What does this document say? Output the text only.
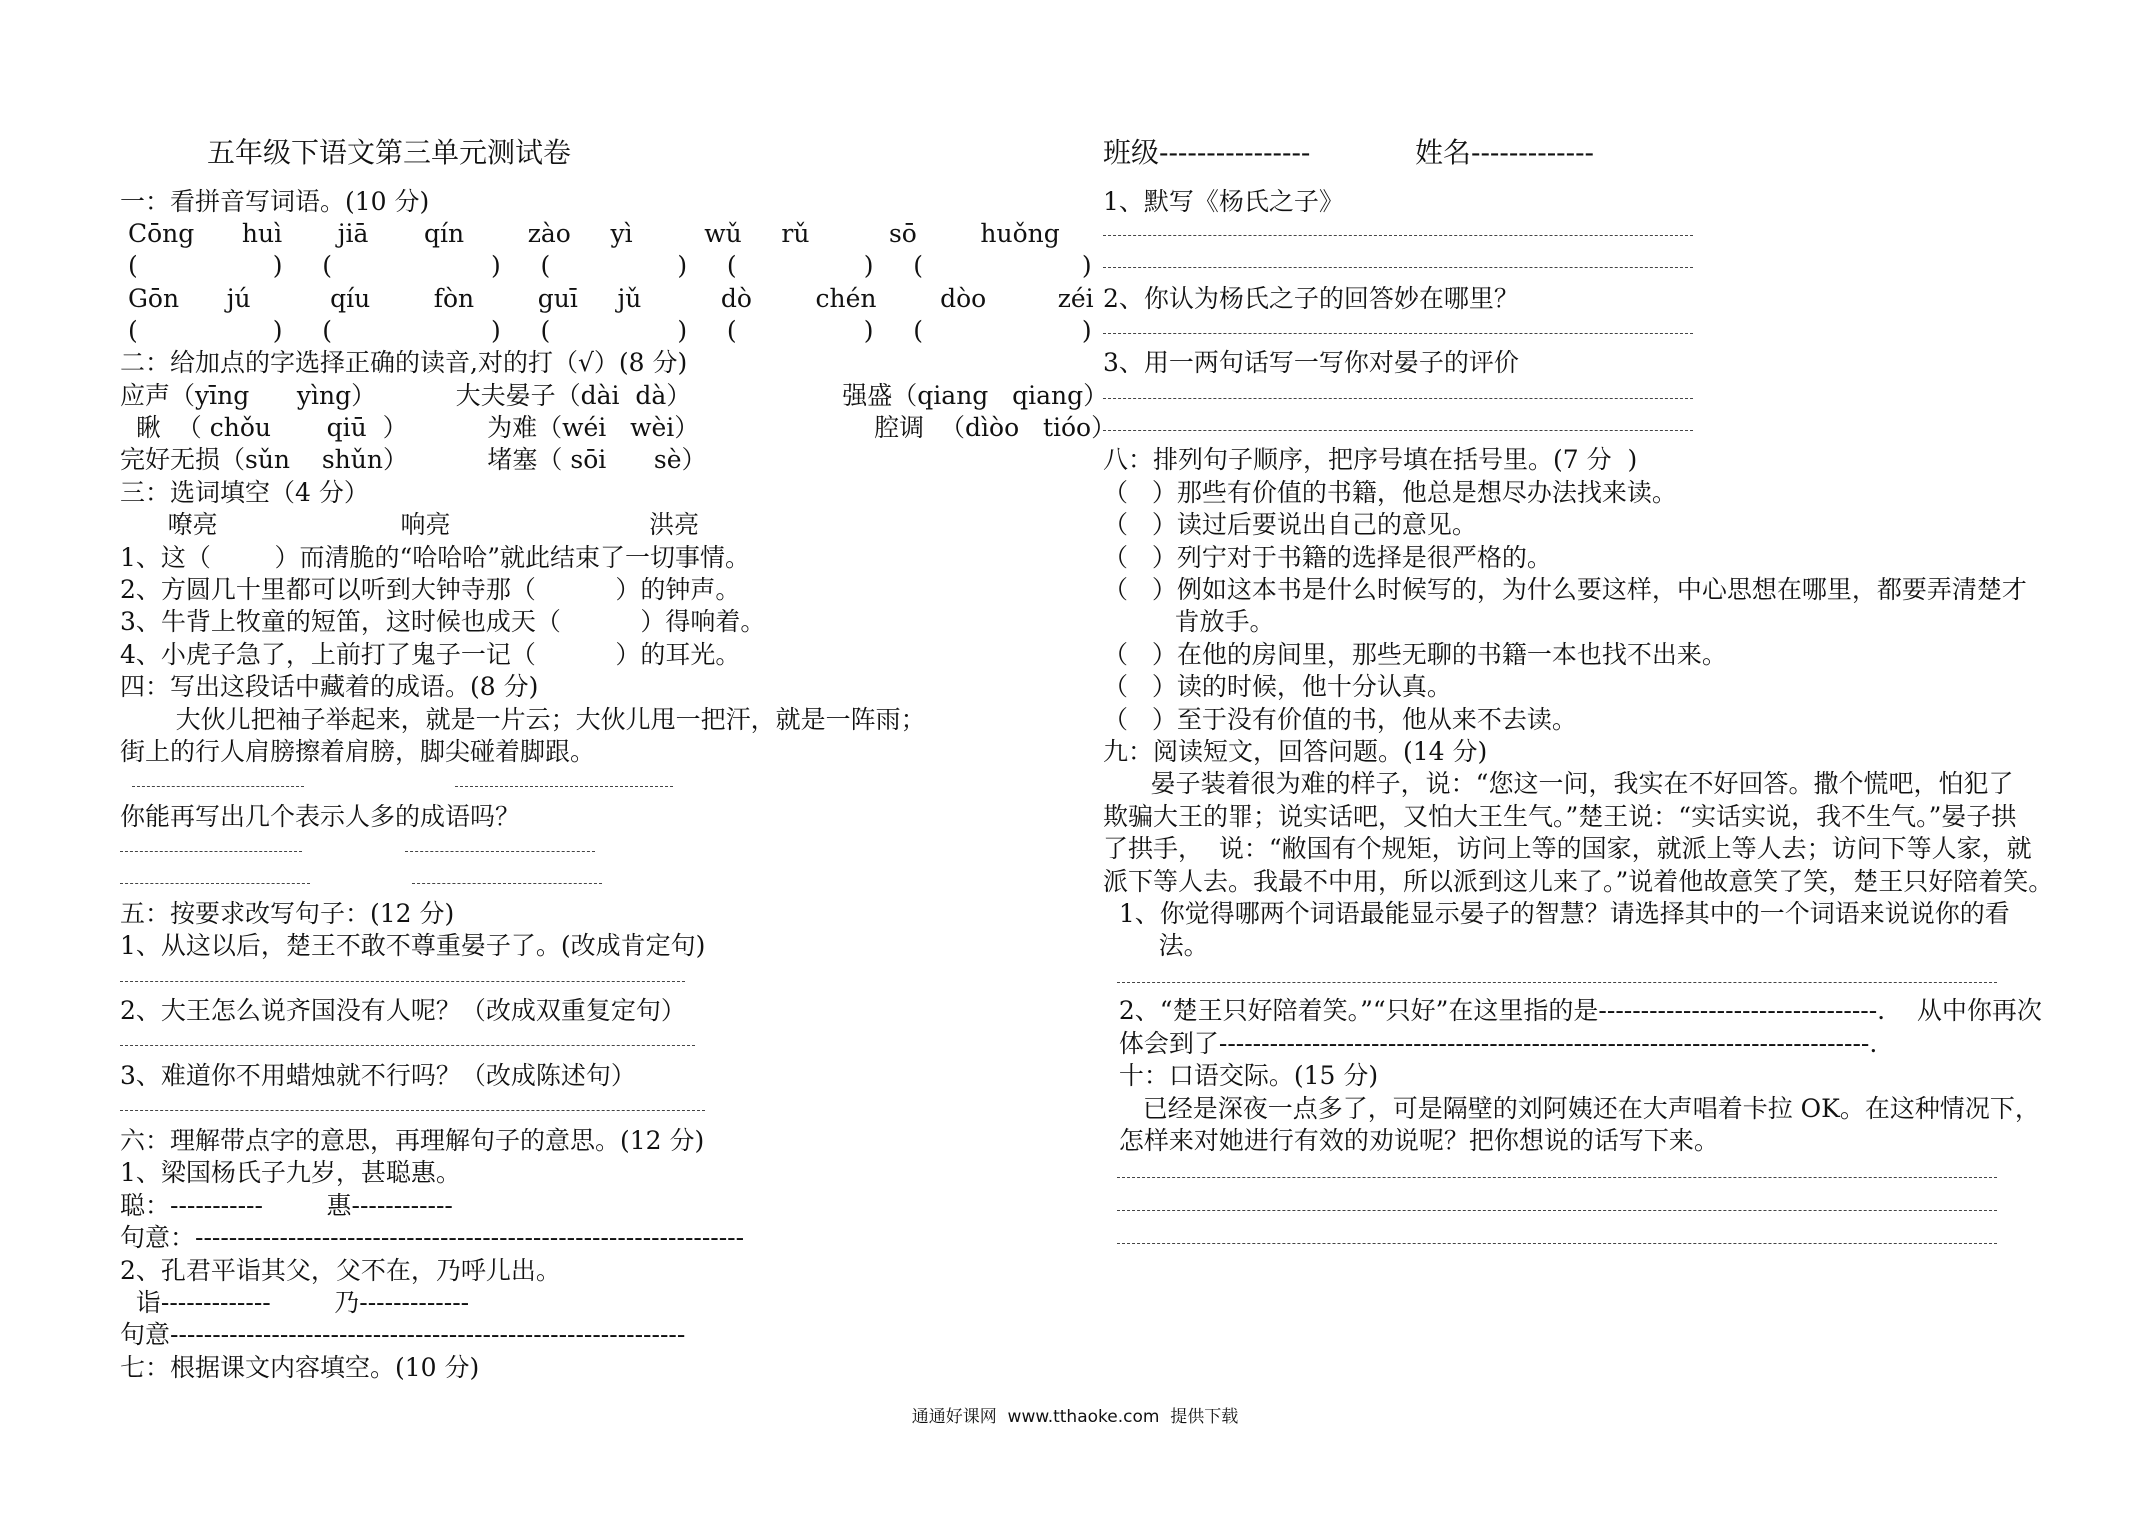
五年级下语文第三单元测试卷	班级----------------	姓名-------------
一：看拼音写词语。(10 分)
Cōng      huì       jiā       qín        zào     yì         wǔ     rǔ          sō        huǒng
(                 )     (                    )     (                )     (                )     (                    )
Gōn      jú          qíu        fòn        guī     jǔ          dò        chén        dòo         zéi
(                 )     (                    )     (                )     (                )     (                    )
二：给加点的字选择正确的读音,对的打（√）(8 分)
应声（yīng      yìng）          大夫晏子（dài  dà）                   强盛（qiang   qiang）
瞅  （ chǒu       qiū  ）          为难（wéi   wèi）                      腔调  （dìòo   tióo）
完好无损（sǔn    shǔn）          堵塞（ sōi      sè）
三：选词填空（4 分）
嘹亮                       响亮                         洪亮
1、这（        ）而清脆的“哈哈哈”就此结束了一切事情。
2、方圆几十里都可以听到大钟寺那（          ）的钟声。
3、牛背上牧童的短笛，这时候也成天（          ）得响着。
4、小虎子急了，上前打了鬼子一记（          ）的耳光。
四：写出这段话中藏着的成语。(8 分)
大伙儿把袖子举起来，就是一片云；大伙儿甩一把汗，就是一阵雨；
街上的行人肩膀擦着肩膀，脚尖碰着脚跟。
你能再写出几个表示人多的成语吗？
五：按要求改写句子：(12 分)
1、从这以后，楚王不敢不尊重晏子了。(改成肯定句)
2、大王怎么说齐国没有人呢？（改成双重复定句）
3、难道你不用蜡烛就不行吗？（改成陈述句）
六：理解带点字的意思，再理解句子的意思。(12 分)
1、梁国杨氏子九岁，甚聪惠。
聪：-----------        惠------------
句意：-----------------------------------------------------------------
2、孔君平诣其父，父不在，乃呼儿出。
诣-------------        乃-------------
句意-------------------------------------------------------------
七：根据课文内容填空。(10 分)
1、默写《杨氏之子》
2、你认为杨氏之子的回答妙在哪里？
3、用一两句话写一写你对晏子的评价
八：排列句子顺序，把序号填在括号里。(7 分  )
（   ）那些有价值的书籍，他总是想尽办法找来读。
（   ）读过后要说出自己的意见。
（   ）列宁对于书籍的选择是很严格的。
（   ）例如这本书是什么时候写的，为什么要这样，中心思想在哪里，都要弄清楚才
肯放手。
（   ）在他的房间里，那些无聊的书籍一本也找不出来。
（   ）读的时候，他十分认真。
（   ）至于没有价值的书，他从来不去读。
九：阅读短文，回答问题。(14 分)
晏子装着很为难的样子，说：“您这一问，我实在不好回答。撒个慌吧，怕犯了
欺骗大王的罪；说实话吧，又怕大王生气。”楚王说：“实话实说，我不生气。”晏子拱
了拱手，  说：“敝国有个规矩，访问上等的国家，就派上等人去；访问下等人家，就
派下等人去。我最不中用，所以派到这儿来了。”说着他故意笑了笑，楚王只好陪着笑。
1、你觉得哪两个词语最能显示晏子的智慧？请选择其中的一个词语来说说你的看
法。
2、“楚王只好陪着笑。”“只好”在这里指的是---------------------------------.    从中你再次
体会到了-----------------------------------------------------------------------------.
十：口语交际。(15 分)
已经是深夜一点多了，可是隔壁的刘阿姨还在大声唱着卡拉 OK。在这种情况下，
怎样来对她进行有效的劝说呢？把你想说的话写下来。
通通好课网  www.tthaoke.com  提供下载
